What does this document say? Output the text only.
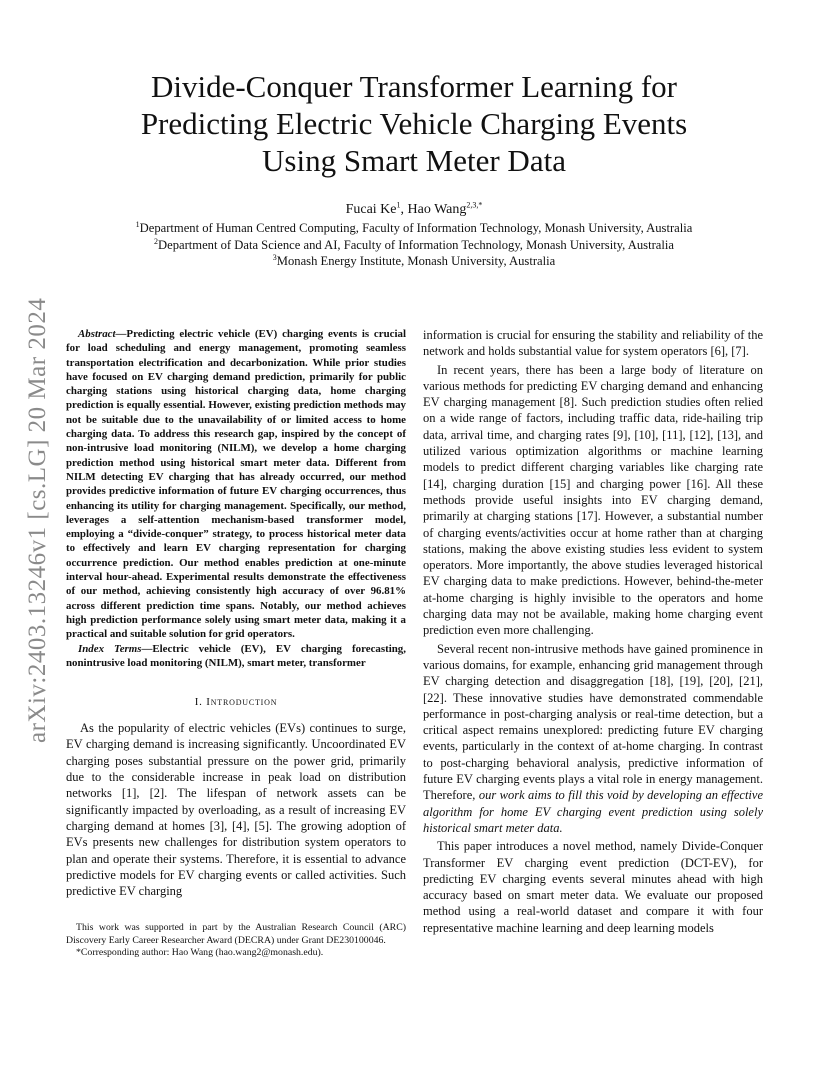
arXiv:2403.13246v1 [cs.LG] 20 Mar 2024
Divide-Conquer Transformer Learning for
Predicting Electric Vehicle Charging Events
Using Smart Meter Data
Fucai Ke$^1$, Hao Wang$^{2,3,*}$
$^1$Department of Human Centred Computing, Faculty of Information Technology, Monash University, Australia
$^2$Department of Data Science and AI, Faculty of Information Technology, Monash University, Australia
$^3$Monash Energy Institute, Monash University, Australia

Abstract—Predicting electric vehicle (EV) charging events is crucial for load scheduling and energy management, promoting seamless transportation electrification and decarbonization. While prior studies have focused on EV charging demand prediction, primarily for public charging stations using historical charging data, home charging prediction is equally essential. However, existing prediction methods may not be suitable due to the unavailability of or limited access to home charging data. To address this research gap, inspired by the concept of non-intrusive load monitoring (NILM), we develop a home charging prediction method using historical smart meter data. Different from NILM detecting EV charging that has already occurred, our method provides predictive information of future EV charging occurrences, thus enhancing its utility for charging management. Specifically, our method, leverages a self-attention mechanism-based transformer model, employing a “divide-conquer” strategy, to process historical meter data to effectively and learn EV charging representation for charging occurrence prediction. Our method enables prediction at one-minute interval hour-ahead. Experimental results demonstrate the effectiveness of our method, achieving consistently high accuracy of over 96.81% across different prediction time spans. Notably, our method achieves high prediction performance solely using smart meter data, making it a practical and suitable solution for grid operators.

Index Terms—Electric vehicle (EV), EV charging forecasting, nonintrusive load monitoring (NILM), smart meter, transformer

I. Introduction

As the popularity of electric vehicles (EVs) continues to surge, EV charging demand is increasing significantly. Uncoordinated EV charging poses substantial pressure on the power grid, primarily due to the considerable increase in peak load on distribution networks [1], [2]. The lifespan of network assets can be significantly impacted by overloading, as a result of increasing EV charging demand at homes [3], [4], [5]. The growing adoption of EVs presents new challenges for distribution system operators to plan and operate their systems. Therefore, it is essential to advance predictive models for EV charging events or called activities. Such predictive EV charging

This work was supported in part by the Australian Research Council (ARC) Discovery Early Career Researcher Award (DECRA) under Grant DE230100046.

*Corresponding author: Hao Wang (hao.wang2@monash.edu).

information is crucial for ensuring the stability and reliability of the network and holds substantial value for system operators [6], [7].

In recent years, there has been a large body of literature on various methods for predicting EV charging demand and enhancing EV charging management [8]. Such prediction studies often relied on a wide range of factors, including traffic data, ride-hailing trip data, arrival time, and charging rates [9], [10], [11], [12], [13], and utilized various optimization algorithms or machine learning models to predict different charging variables like charging rate [14], charging duration [15] and charging power [16]. All these methods provide useful insights into EV charging demand, primarily at charging stations [17]. However, a substantial number of charging events/activities occur at home rather than at charging stations, making the above existing studies less evident to system operators. More importantly, the above studies leveraged historical EV charging data to make predictions. However, behind-the-meter at-home charging is highly invisible to the operators and home charging data may not be available, making home charging event prediction even more challenging.

Several recent non-intrusive methods have gained prominence in various domains, for example, enhancing grid management through EV charging detection and disaggregation [18], [19], [20], [21], [22]. These innovative studies have demonstrated commendable performance in post-charging analysis or real-time detection, but a critical aspect remains unexplored: predicting future EV charging events, particularly in the context of at-home charging. In contrast to post-charging behavioral analysis, predictive information of future EV charging events plays a vital role in energy management. Therefore, our work aims to fill this void by developing an effective algorithm for home EV charging event prediction using solely historical smart meter data.

This paper introduces a novel method, namely Divide-Conquer Transformer EV charging event prediction (DCT-EV), for predicting EV charging events several minutes ahead with high accuracy based on smart meter data. We evaluate our proposed method using a real-world dataset and compare it with four representative machine learning and deep learning models
